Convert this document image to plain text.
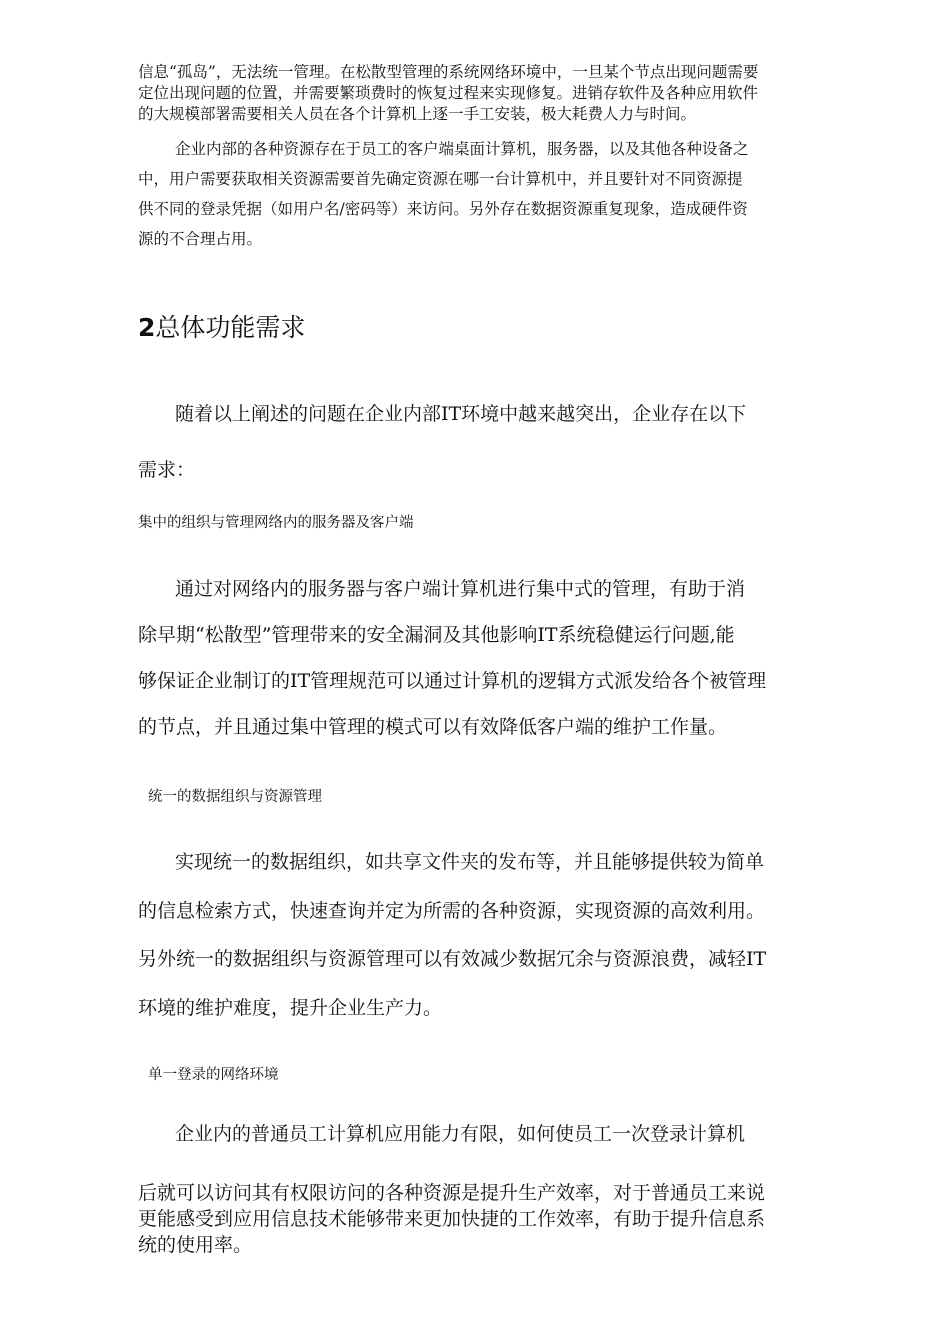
信息“孤岛”，无法统一管理。在松散型管理的系统网络环境中，一旦某个节点出现问题需要
定位出现问题的位置，并需要繁琐费时的恢复过程来实现修复。进销存软件及各种应用软件
的大规模部署需要相关人员在各个计算机上逐一手工安装，极大耗费人力与时间。
企业内部的各种资源存在于员工的客户端桌面计算机，服务器，以及其他各种设备之
中，用户需要获取相关资源需要首先确定资源在哪一台计算机中，并且要针对不同资源提
供不同的登录凭据（如用户名/密码等）来访问。另外存在数据资源重复现象，造成硬件资
源的不合理占用。
2总体功能需求
随着以上阐述的问题在企业内部IT环境中越来越突出，企业存在以下
需求：
集中的组织与管理网络内的服务器及客户端
通过对网络内的服务器与客户端计算机进行集中式的管理，有助于消
除早期“松散型”管理带来的安全漏洞及其他影响IT系统稳健运行问题,能
够保证企业制订的IT管理规范可以通过计算机的逻辑方式派发给各个被管理
的节点，并且通过集中管理的模式可以有效降低客户端的维护工作量。
统一的数据组织与资源管理
实现统一的数据组织，如共享文件夹的发布等，并且能够提供较为简单
的信息检索方式，快速查询并定为所需的各种资源，实现资源的高效利用。
另外统一的数据组织与资源管理可以有效减少数据冗余与资源浪费，减轻IT
环境的维护难度，提升企业生产力。
单一登录的网络环境
企业内的普通员工计算机应用能力有限，如何使员工一次登录计算机
后就可以访问其有权限访问的各种资源是提升生产效率，对于普通员工来说
更能感受到应用信息技术能够带来更加快捷的工作效率，有助于提升信息系
统的使用率。
